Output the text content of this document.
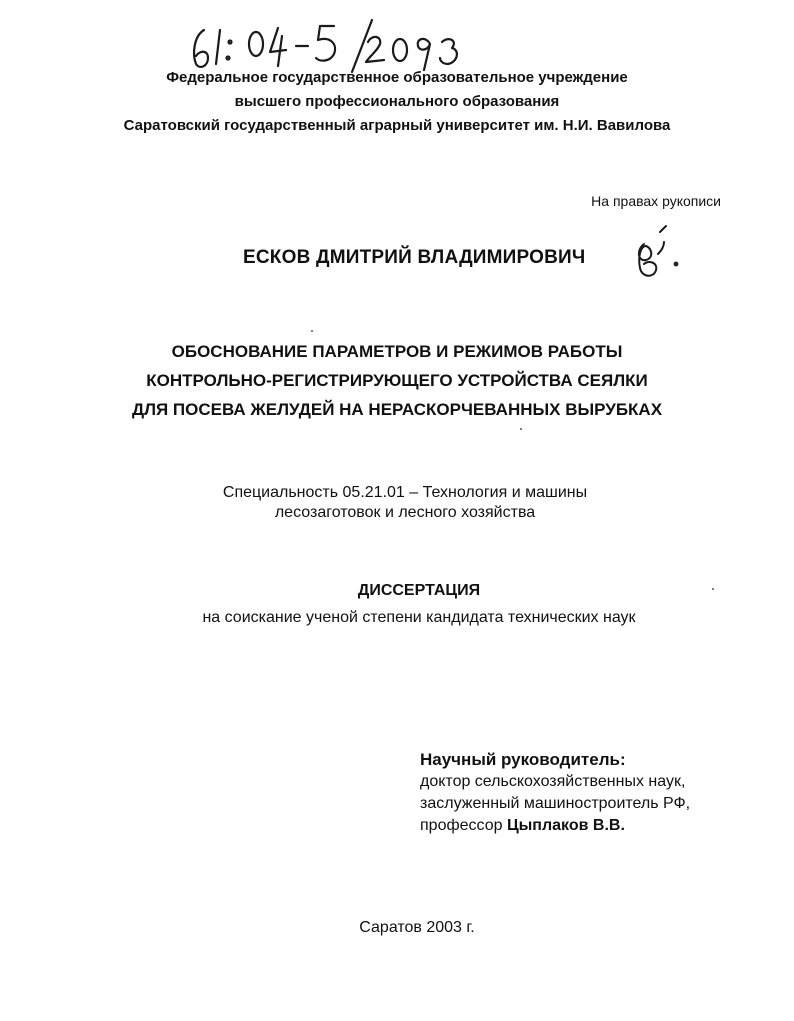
Федеральное государственное образовательное учреждение
высшего профессионального образования
Саратовский государственный аграрный университет им. Н.И. Вавилова
На правах рукописи
ЕСКОВ ДМИТРИЙ ВЛАДИМИРОВИЧ
ОБОСНОВАНИЕ ПАРАМЕТРОВ И РЕЖИМОВ РАБОТЫ
КОНТРОЛЬНО-РЕГИСТРИРУЮЩЕГО УСТРОЙСТВА СЕЯЛКИ
ДЛЯ ПОСЕВА ЖЕЛУДЕЙ НА НЕРАСКОРЧЕВАННЫХ ВЫРУБКАХ
Специальность 05.21.01 – Технология и машины
лесозаготовок и лесного хозяйства
ДИССЕРТАЦИЯ
на соискание ученой степени кандидата технических наук
Научный руководитель:
доктор сельскохозяйственных наук,
заслуженный машиностроитель РФ,
профессор Цыплаков В.В.
Саратов 2003 г.
